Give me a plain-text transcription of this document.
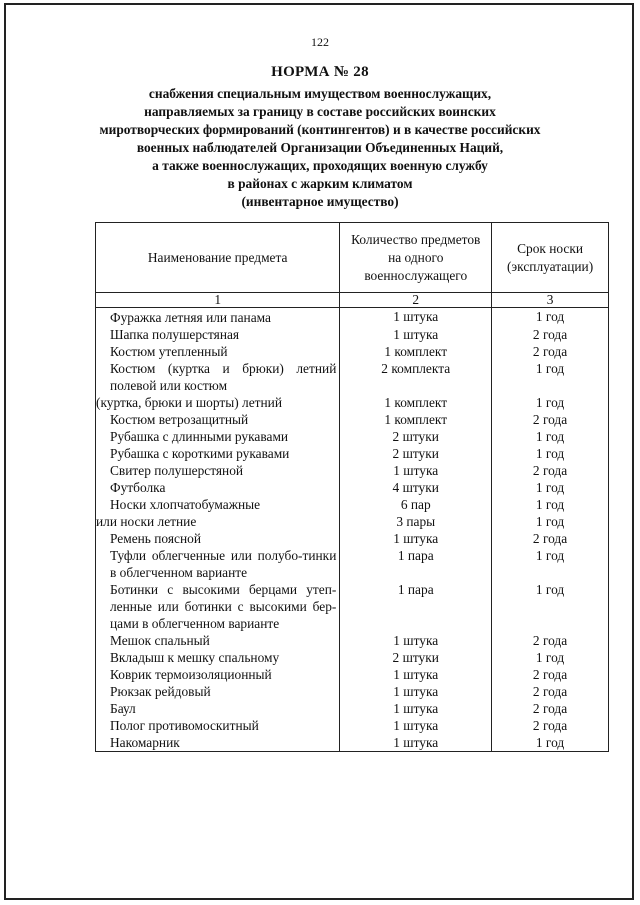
122
НОРМА № 28
снабжения специальным имуществом военнослужащих,
направляемых за границу в составе российских воинских
миротворческих формирований (контингентов) и в качестве российских
военных наблюдателей Организации Объединенных Наций,
а также военнослужащих, проходящих военную службу
в районах с жарким климатом
(инвентарное имущество)
Наименование предмета	Количество предметов на одного военнослужащего	Срок носки (эксплуатации)
1	2	3
Фуражка летняя или панама	1 штука	1 год
Шапка полушерстяная	1 штука	2 года
Костюм утепленный	1 комплект	2 года
Костюм (куртка и брюки) летний полевой или костюм	2 комплекта	1 год
(куртка, брюки и шорты) летний	1 комплект	1 год
Костюм ветрозащитный	1 комплект	2 года
Рубашка с длинными рукавами	2 штуки	1 год
Рубашка с короткими рукавами	2 штуки	1 год
Свитер полушерстяной	1 штука	2 года
Футболка	4 штуки	1 год
Носки хлопчатобумажные	6 пар	1 год
или носки летние	3 пары	1 год
Ремень поясной	1 штука	2 года
Туфли облегченные или полубо-тинки в облегченном варианте	1 пара	1 год
Ботинки с высокими берцами утеп-ленные или ботинки с высокими бер-цами в облегченном варианте	1 пара	1 год
Мешок спальный	1 штука	2 года
Вкладыш к мешку спальному	2 штуки	1 год
Коврик термоизоляционный	1 штука	2 года
Рюкзак рейдовый	1 штука	2 года
Баул	1 штука	2 года
Полог противомоскитный	1 штука	2 года
Накомарник	1 штука	1 год
